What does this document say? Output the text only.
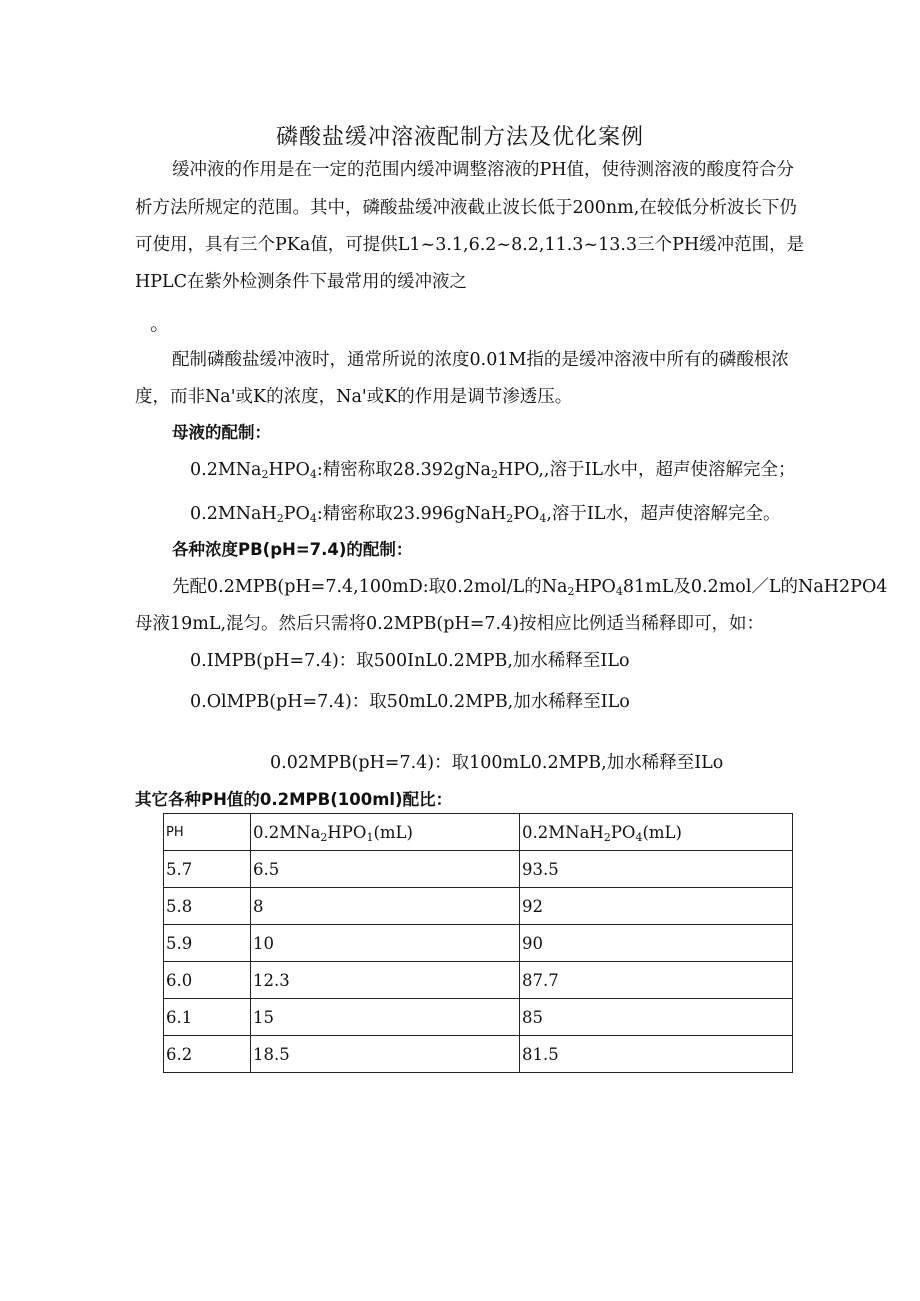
磷酸盐缓冲溶液配制方法及优化案例
缓冲液的作用是在一定的范围内缓冲调整溶液的PH值，使待测溶液的酸度符合分
析方法所规定的范围。其中，磷酸盐缓冲液截止波长低于200nm,在较低分析波长下仍
可使用，具有三个PKa值，可提供L1~3.1,6.2~8.2,11.3~13.3三个PH缓冲范围，是
HPLC在紫外检测条件下最常用的缓冲液之
。
配制磷酸盐缓冲液时，通常所说的浓度0.01M指的是缓冲溶液中所有的磷酸根浓
度，而非Na'或K的浓度，Na'或K的作用是调节渗透压。
母液的配制：
$0.2MNa_2HPO_4$:精密称取28.392gNa$_2$HPO,,溶于IL水中，超声使溶解完全；
$0.2MNaH_2PO_4$:精密称取$23.996gNaH_2PO_4$,溶于IL水，超声使溶解完全。
各种浓度PB(pH=7.4)的配制：
先配0.2MPB(pH=7.4,100mD:取0.2mol/L的$Na_2HPO_481mL$及0.2mol／L的NaH2PO4
母液19mL,混匀。然后只需将0.2MPB(pH=7.4)按相应比例适当稀释即可，如：
0.IMPB(pH=7.4)：取500InL0.2MPB,加水稀释至ILo
0.OlMPB(pH=7.4)：取50mL0.2MPB,加水稀释至ILo
0.02MPB(pH=7.4)：取100mL0.2MPB,加水稀释至ILo
其它各种PH值的0.2MPB(100ml)配比：
PH	$0.2MNa_2HPO_1(mL)$	$0.2MNaH_2PO_4(mL)$
5.7	6.5	93.5
5.8	8	92
5.9	10	90
6.0	12.3	87.7
6.1	15	85
6.2	18.5	81.5
